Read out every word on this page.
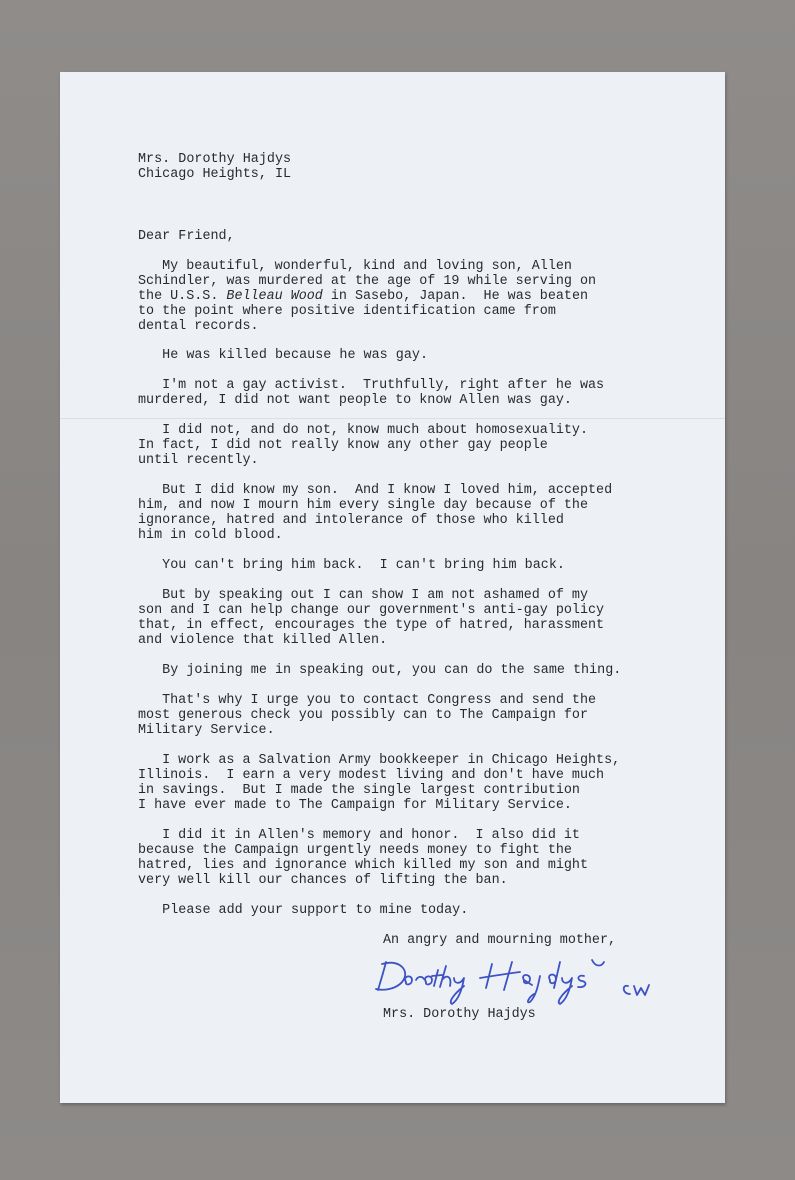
Mrs. Dorothy Hajdys
Chicago Heights, IL
Dear Friend,
My beautiful, wonderful, kind and loving son, Allen
Schindler, was murdered at the age of 19 while serving on
the U.S.S. Belleau Wood in Sasebo, Japan.  He was beaten
to the point where positive identification came from
dental records.
He was killed because he was gay.
I'm not a gay activist.  Truthfully, right after he was
murdered, I did not want people to know Allen was gay.
I did not, and do not, know much about homosexuality.
In fact, I did not really know any other gay people
until recently.
But I did know my son.  And I know I loved him, accepted
him, and now I mourn him every single day because of the
ignorance, hatred and intolerance of those who killed
him in cold blood.
You can't bring him back.  I can't bring him back.
But by speaking out I can show I am not ashamed of my
son and I can help change our government's anti-gay policy
that, in effect, encourages the type of hatred, harassment
and violence that killed Allen.
By joining me in speaking out, you can do the same thing.
That's why I urge you to contact Congress and send the
most generous check you possibly can to The Campaign for
Military Service.
I work as a Salvation Army bookkeeper in Chicago Heights,
Illinois.  I earn a very modest living and don't have much
in savings.  But I made the single largest contribution
I have ever made to The Campaign for Military Service.
I did it in Allen's memory and honor.  I also did it
because the Campaign urgently needs money to fight the
hatred, lies and ignorance which killed my son and might
very well kill our chances of lifting the ban.
Please add your support to mine today.
An angry and mourning mother,
Mrs. Dorothy Hajdys
